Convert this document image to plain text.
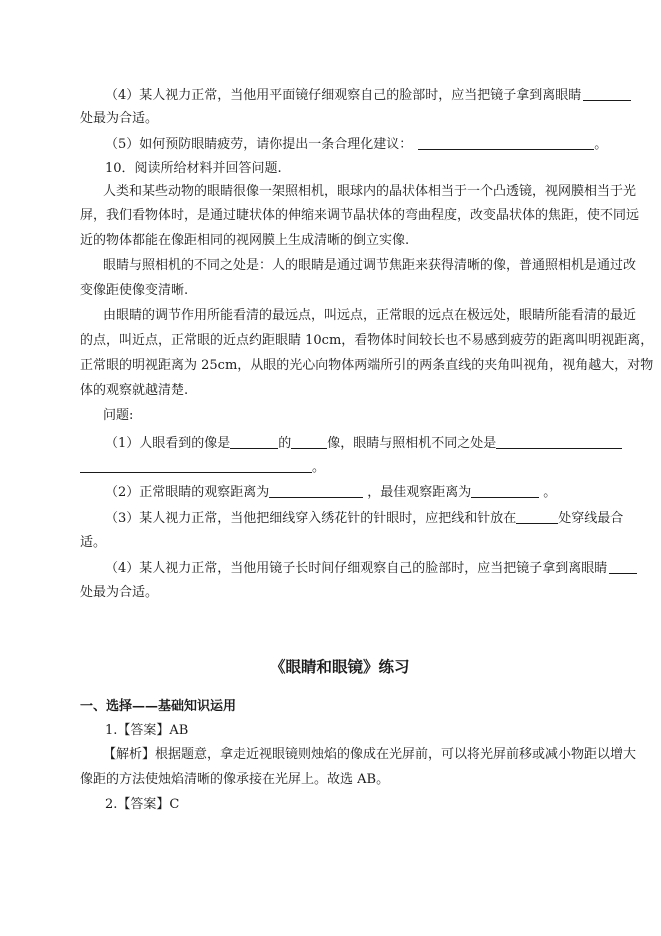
（4）某人视力正常，当他用平面镜仔细观察自己的脸部时，应当把镜子拿到离眼睛

处最为合适。

（5）如何预防眼睛疲劳，请你提出一条合理化建议：	。

10．阅读所给材料并回答问题.

人类和某些动物的眼睛很像一架照相机，眼球内的晶状体相当于一个凸透镜，视网膜相当于光

屏，我们看物体时，是通过睫状体的伸缩来调节晶状体的弯曲程度，改变晶状体的焦距，使不同远

近的物体都能在像距相同的视网膜上生成清晰的倒立实像.

眼睛与照相机的不同之处是：人的眼睛是通过调节焦距来获得清晰的像，普通照相机是通过改

变像距使像变清晰.

由眼睛的调节作用所能看清的最远点，叫远点，正常眼的远点在极远处，眼睛所能看清的最近

的点，叫近点，正常眼的近点约距眼睛 10cm，看物体时间较长也不易感到疲劳的距离叫明视距离，

正常眼的明视距离为 25cm，从眼的光心向物体两端所引的两条直线的夹角叫视角，视角越大，对物

体的观察就越清楚.

问题:

（1）人眼看到的像是	的	像，眼睛与照相机不同之处是

。

（2）正常眼睛的观察距离为	，最佳观察距离为	。

（3）某人视力正常，当他把细线穿入绣花针的针眼时，应把线和针放在	处穿线最合

适。

（4）某人视力正常，当他用镜子长时间仔细观察自己的脸部时，应当把镜子拿到离眼睛

处最为合适。

《眼睛和眼镜》练习

一、选择——基础知识运用

1.【答案】AB

【解析】根据题意，拿走近视眼镜则烛焰的像成在光屏前，可以将光屏前移或减小物距以增大

像距的方法使烛焰清晰的像承接在光屏上。故选 AB。

2.【答案】C
